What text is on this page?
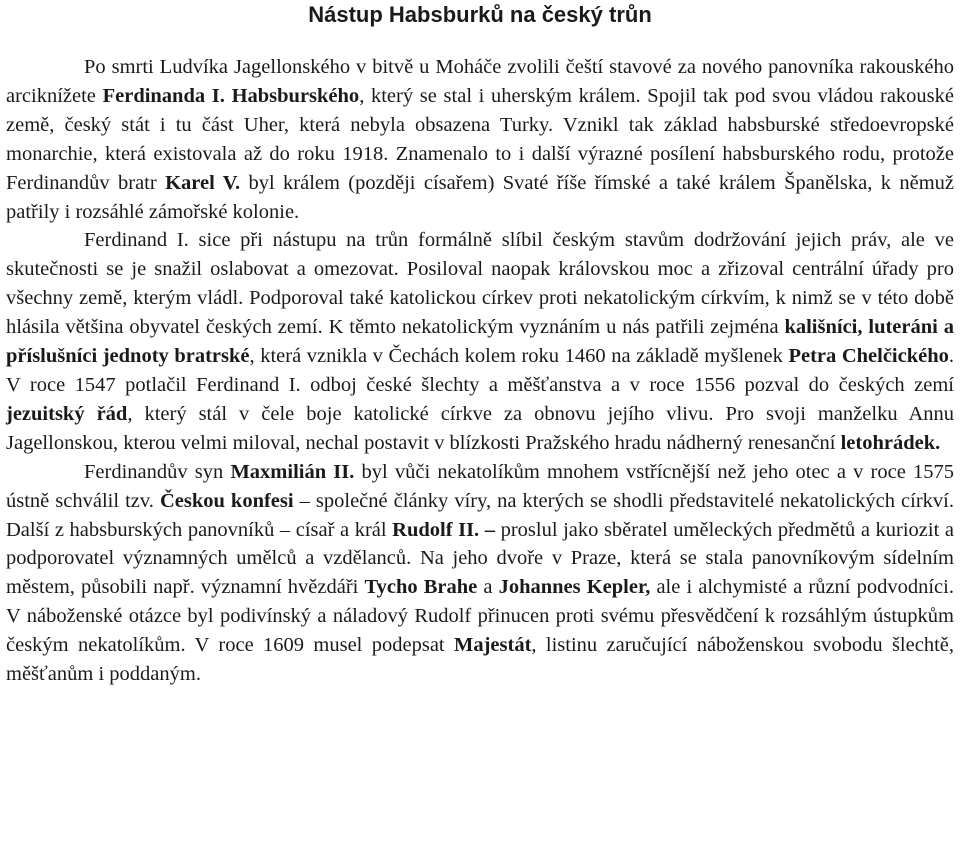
Nástup Habsburků na český trůn

Po smrti Ludvíka Jagellonského v bitvě u Moháče zvolili čeští stavové za nového panovníka rakouského arciknížete Ferdinanda I. Habsburského, který se stal i uherským králem. Spojil tak pod svou vládou rakouské země, český stát i tu část Uher, která nebyla obsazena Turky. Vznikl tak základ habsburské středoevropské monarchie, která existovala až do roku 1918. Znamenalo to i další výrazné posílení habsburského rodu, protože Ferdinandův bratr Karel V. byl králem (později císařem) Svaté říše římské a také králem Španělska, k němuž patřily i rozsáhlé zámořské kolonie.

Ferdinand I. sice při nástupu na trůn formálně slíbil českým stavům dodržování jejich práv, ale ve skutečnosti se je snažil oslabovat a omezovat. Posiloval naopak královskou moc a zřizoval centrální úřady pro všechny země, kterým vládl. Podporoval také katolickou církev proti nekatolickým církvím, k nimž se v této době hlásila většina obyvatel českých zemí. K těmto nekatolickým vyznáním u nás patřili zejména kališníci, luteráni a příslušníci jednoty bratrské, která vznikla v Čechách kolem roku 1460 na základě myšlenek Petra Chelčického. V roce 1547 potlačil Ferdinand I. odboj české šlechty a měšťanstva a v roce 1556 pozval do českých zemí jezuitský řád, který stál v čele boje katolické církve za obnovu jejího vlivu. Pro svoji manželku Annu Jagellonskou, kterou velmi miloval, nechal postavit v blízkosti Pražského hradu nádherný renesanční letohrádek.

Ferdinandův syn Maxmilián II. byl vůči nekatolíkům mnohem vstřícnější než jeho otec a v roce 1575 ústně schválil tzv. Českou konfesi – společné články víry, na kterých se shodli představitelé nekatolických církví. Další z habsburských panovníků – císař a král Rudolf II. – proslul jako sběratel uměleckých předmětů a kuriozit a podporovatel významných umělců a vzdělanců. Na jeho dvoře v Praze, která se stala panovníkovým sídelním městem, působili např. významní hvězdáři Tycho Brahe a Johannes Kepler, ale i alchymisté a různí podvodníci. V náboženské otázce byl podivínský a náladový Rudolf přinucen proti svému přesvědčení k rozsáhlým ústupkům českým nekatolíkům. V roce 1609 musel podepsat Majestát, listinu zaručující náboženskou svobodu šlechtě, měšťanům i poddaným.
